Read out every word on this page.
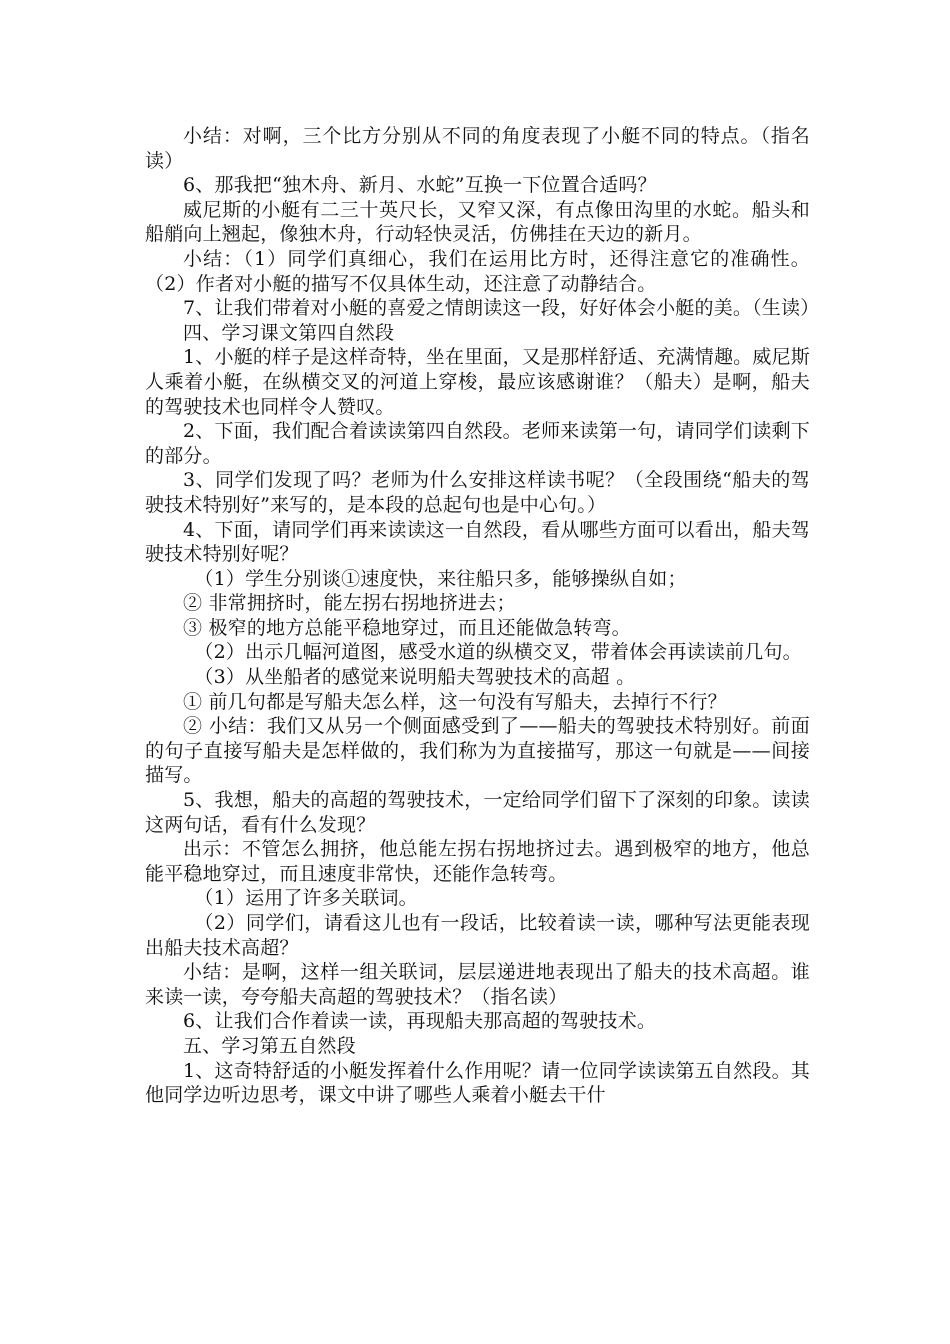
小结：对啊，三个比方分别从不同的角度表现了小艇不同的特点。（指名读）

6、那我把“独木舟、新月、水蛇”互换一下位置合适吗？

威尼斯的小艇有二三十英尺长，又窄又深，有点像田沟里的水蛇。船头和船艄向上翘起，像独木舟，行动轻快灵活，仿佛挂在天边的新月。

小结：（1）同学们真细心，我们在运用比方时，还得注意它的准确性。（2）作者对小艇的描写不仅具体生动，还注意了动静结合。

7、让我们带着对小艇的喜爱之情朗读这一段，好好体会小艇的美。（生读）

四、学习课文第四自然段

1、小艇的样子是这样奇特，坐在里面，又是那样舒适、充满情趣。威尼斯人乘着小艇，在纵横交叉的河道上穿梭，最应该感谢谁？（船夫）是啊，船夫的驾驶技术也同样令人赞叹。

2、下面，我们配合着读读第四自然段。老师来读第一句，请同学们读剩下的部分。

3、同学们发现了吗？老师为什么安排这样读书呢？（全段围绕“船夫的驾驶技术特别好”来写的，是本段的总起句也是中心句。）

4、下面，请同学们再来读读这一自然段，看从哪些方面可以看出，船夫驾驶技术特别好呢？

（1）学生分别谈①速度快，来往船只多，能够操纵自如；

② 非常拥挤时，能左拐右拐地挤进去；

③ 极窄的地方总能平稳地穿过，而且还能做急转弯。

（2）出示几幅河道图，感受水道的纵横交叉，带着体会再读读前几句。

（3）从坐船者的感觉来说明船夫驾驶技术的高超 。

① 前几句都是写船夫怎么样，这一句没有写船夫，去掉行不行？

② 小结：我们又从另一个侧面感受到了——船夫的驾驶技术特别好。前面的句子直接写船夫是怎样做的，我们称为为直接描写，那这一句就是——间接描写。

5、我想，船夫的高超的驾驶技术，一定给同学们留下了深刻的印象。读读这两句话，看有什么发现？

出示：不管怎么拥挤，他总能左拐右拐地挤过去。遇到极窄的地方，他总能平稳地穿过，而且速度非常快，还能作急转弯。

（1）运用了许多关联词。

（2）同学们，请看这儿也有一段话，比较着读一读，哪种写法更能表现出船夫技术高超？

小结：是啊，这样一组关联词，层层递进地表现出了船夫的技术高超。谁来读一读，夸夸船夫高超的驾驶技术？（指名读）

6、让我们合作着读一读，再现船夫那高超的驾驶技术。

五、学习第五自然段

1、这奇特舒适的小艇发挥着什么作用呢？请一位同学读读第五自然段。其他同学边听边思考，课文中讲了哪些人乘着小艇去干什
